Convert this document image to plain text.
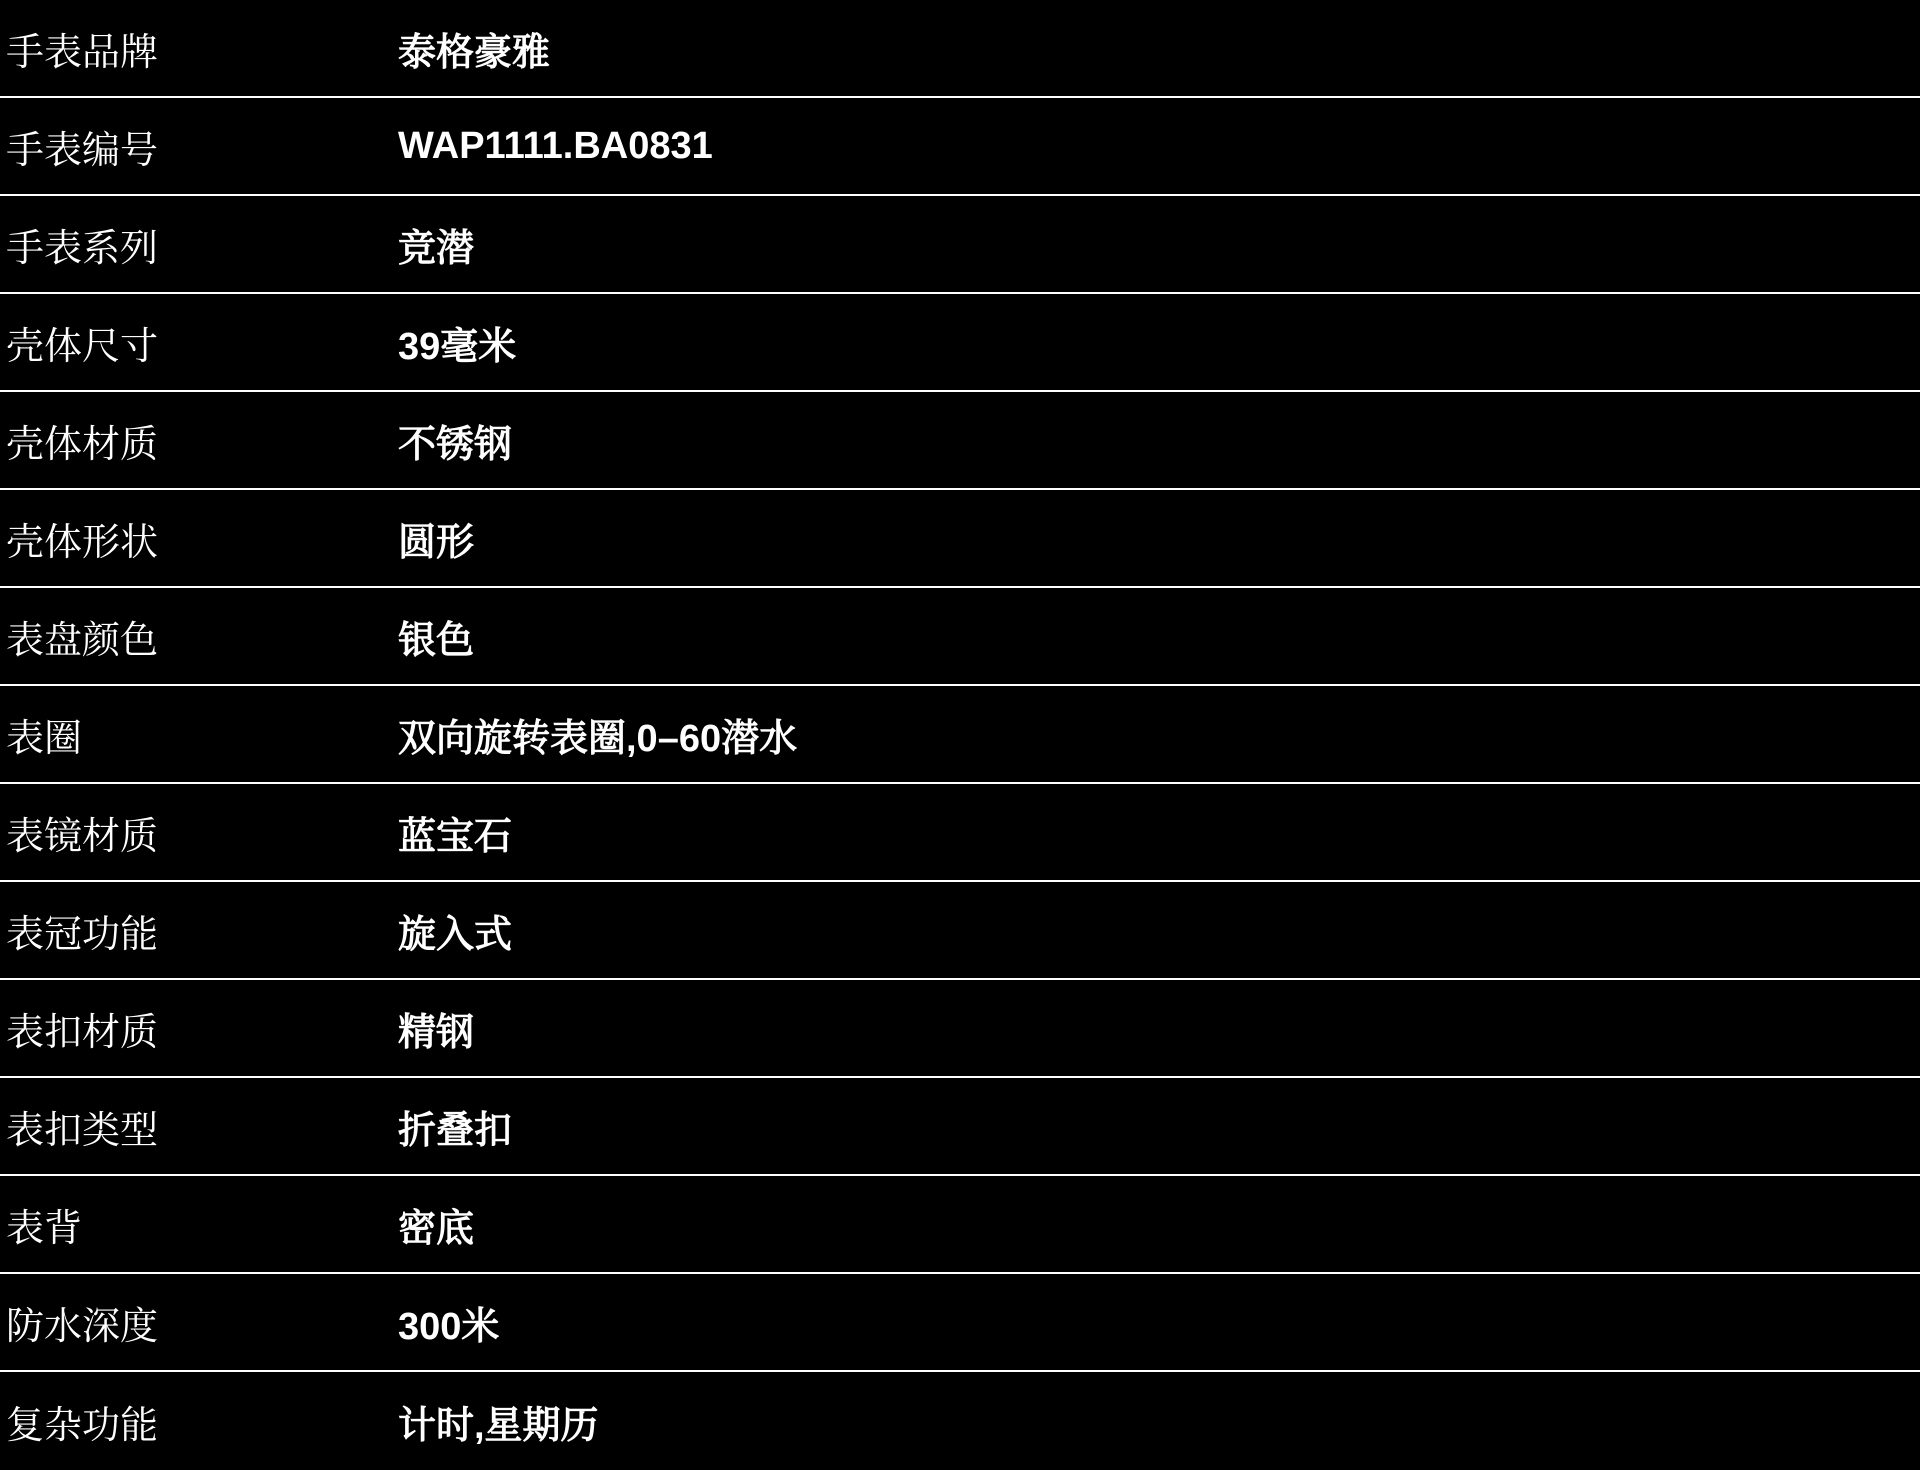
手表品牌	泰格豪雅
手表编号	WAP1111.BA0831
手表系列	竞潜
壳体尺寸	39毫米
壳体材质	不锈钢
壳体形状	圆形
表盘颜色	银色
表圈	双向旋转表圈,0–60潜水
表镜材质	蓝宝石
表冠功能	旋入式
表扣材质	精钢
表扣类型	折叠扣
表背	密底
防水深度	300米
复杂功能	计时,星期历
